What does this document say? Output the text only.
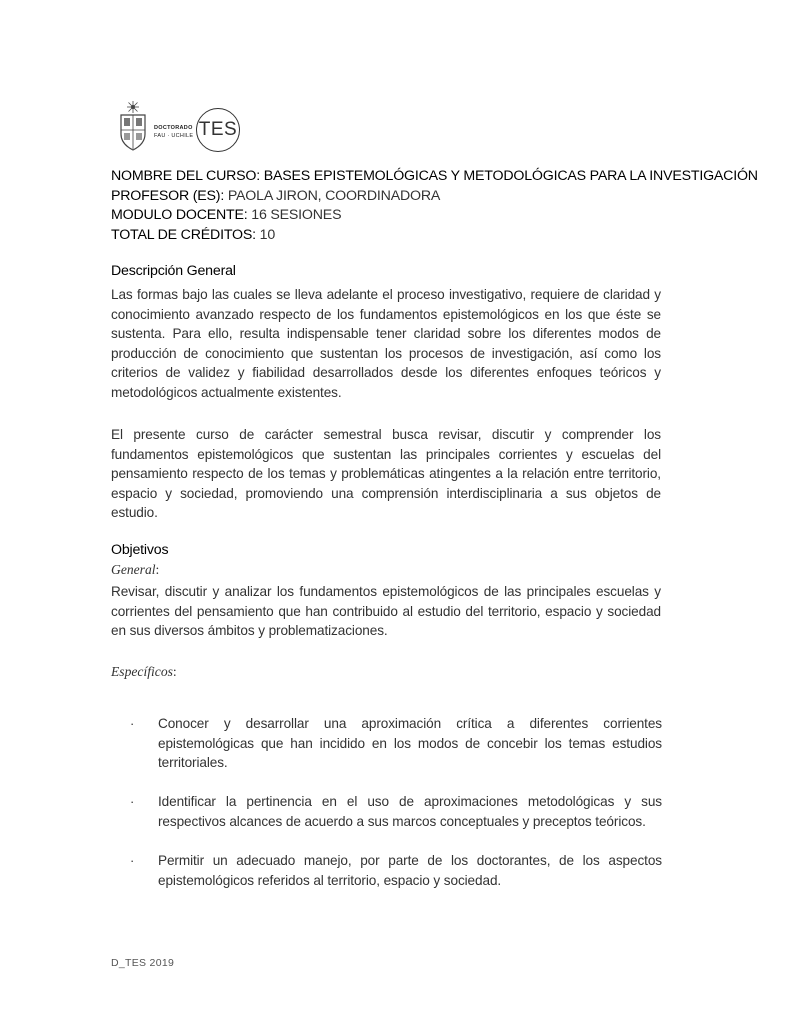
DOCTORADO
FAU · UCHILE TES
NOMBRE DEL CURSO: BASES EPISTEMOLÓGICAS Y METODOLÓGICAS PARA LA INVESTIGACIÓN
PROFESOR (ES): PAOLA JIRON, COORDINADORA
MODULO DOCENTE: 16 SESIONES
TOTAL DE CRÉDITOS: 10
Descripción General
Las formas bajo las cuales se lleva adelante el proceso investigativo, requiere de claridad y conocimiento avanzado respecto de los fundamentos epistemológicos en los que éste se sustenta. Para ello, resulta indispensable tener claridad sobre los diferentes modos de producción de conocimiento que sustentan los procesos de investigación, así como los criterios de validez y fiabilidad desarrollados desde los diferentes enfoques teóricos y metodológicos actualmente existentes.
El presente curso de carácter semestral busca revisar, discutir y comprender los fundamentos epistemológicos que sustentan las principales corrientes y escuelas del pensamiento respecto de los temas y problemáticas atingentes a la relación entre territorio, espacio y sociedad, promoviendo una comprensión interdisciplinaria a sus objetos de estudio.
Objetivos
General:
Revisar, discutir y analizar los fundamentos epistemológicos de las principales escuelas y corrientes del pensamiento que han contribuido al estudio del territorio, espacio y sociedad en sus diversos ámbitos y problematizaciones.
Específicos:
· Conocer y desarrollar una aproximación crítica a diferentes corrientes epistemológicas que han incidido en los modos de concebir los temas estudios territoriales.
· Identificar la pertinencia en el uso de aproximaciones metodológicas y sus respectivos alcances de acuerdo a sus marcos conceptuales y preceptos teóricos.
· Permitir un adecuado manejo, por parte de los doctorantes, de los aspectos epistemológicos referidos al territorio, espacio y sociedad.
D_TES 2019
